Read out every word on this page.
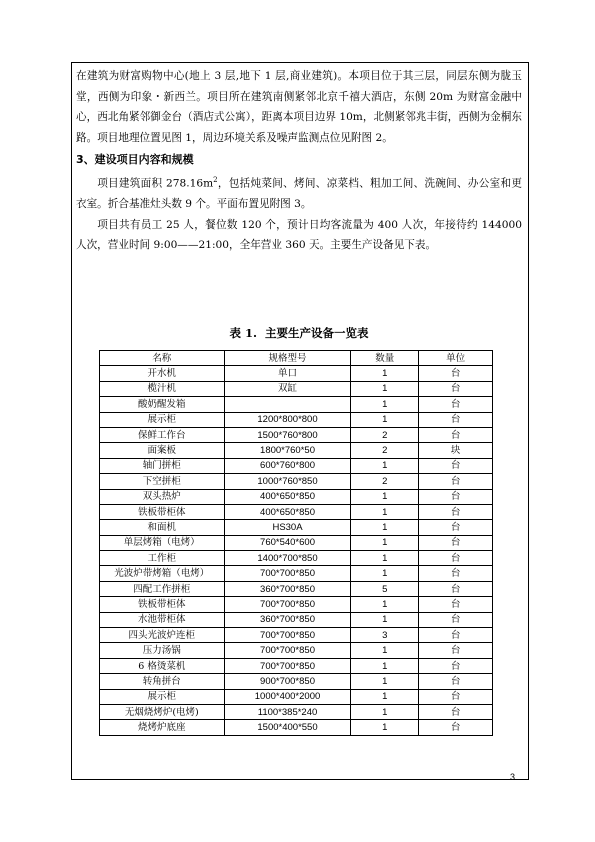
在建筑为财富购物中心(地上 3 层,地下 1 层,商业建筑)。本项目位于其三层，同层东侧为胧玉堂，西侧为印象・新西兰。项目所在建筑南侧紧邻北京千禧大酒店，东侧 20m 为财富金融中心，西北角紧邻御金台（酒店式公寓），距离本项目边界 10m，北侧紧邻兆丰街，西侧为金桐东路。项目地理位置见图 1，周边环境关系及噪声监测点位见附图 2。

3、建设项目内容和规模

项目建筑面积 $278.16m^2$，包括炖菜间、烤间、凉菜档、粗加工间、洗碗间、办公室和更衣室。折合基准灶头数 9 个。平面布置见附图 3。

项目共有员工 25 人，餐位数 120 个，预计日均客流量为 400 人次，年接待约 144000 人次，营业时间 9:00——21:00，全年营业 360 天。主要生产设备见下表。

表 1. 主要生产设备一览表
名称	规格型号	数量	单位
开水机	单口	1	台
榄汁机	双缸	1	台
酸奶醒发箱		1	台
展示柜	1200*800*800	1	台
保鲜工作台	1500*760*800	2	台
面案板	1800*760*50	2	块
轴门拼柜	600*760*800	1	台
下空拼柜	1000*760*850	2	台
双头热炉	400*650*850	1	台
铁板带柜体	400*650*850	1	台
和面机	HS30A	1	台
单层烤箱（电烤）	760*540*600	1	台
工作柜	1400*700*850	1	台
光波炉带烤箱（电烤）	700*700*850	1	台
四配工作拼柜	360*700*850	5	台
铁板带柜体	700*700*850	1	台
水池带柜体	360*700*850	1	台
四头光波炉连柜	700*700*850	3	台
压力汤锅	700*700*850	1	台
6 格烫菜机	700*700*850	1	台
转角拼台	900*700*850	1	台
展示柜	1000*400*2000	1	台
无烟烧烤炉(电烤)	1100*385*240	1	台
烧烤炉底座	1500*400*550	1	台
3
